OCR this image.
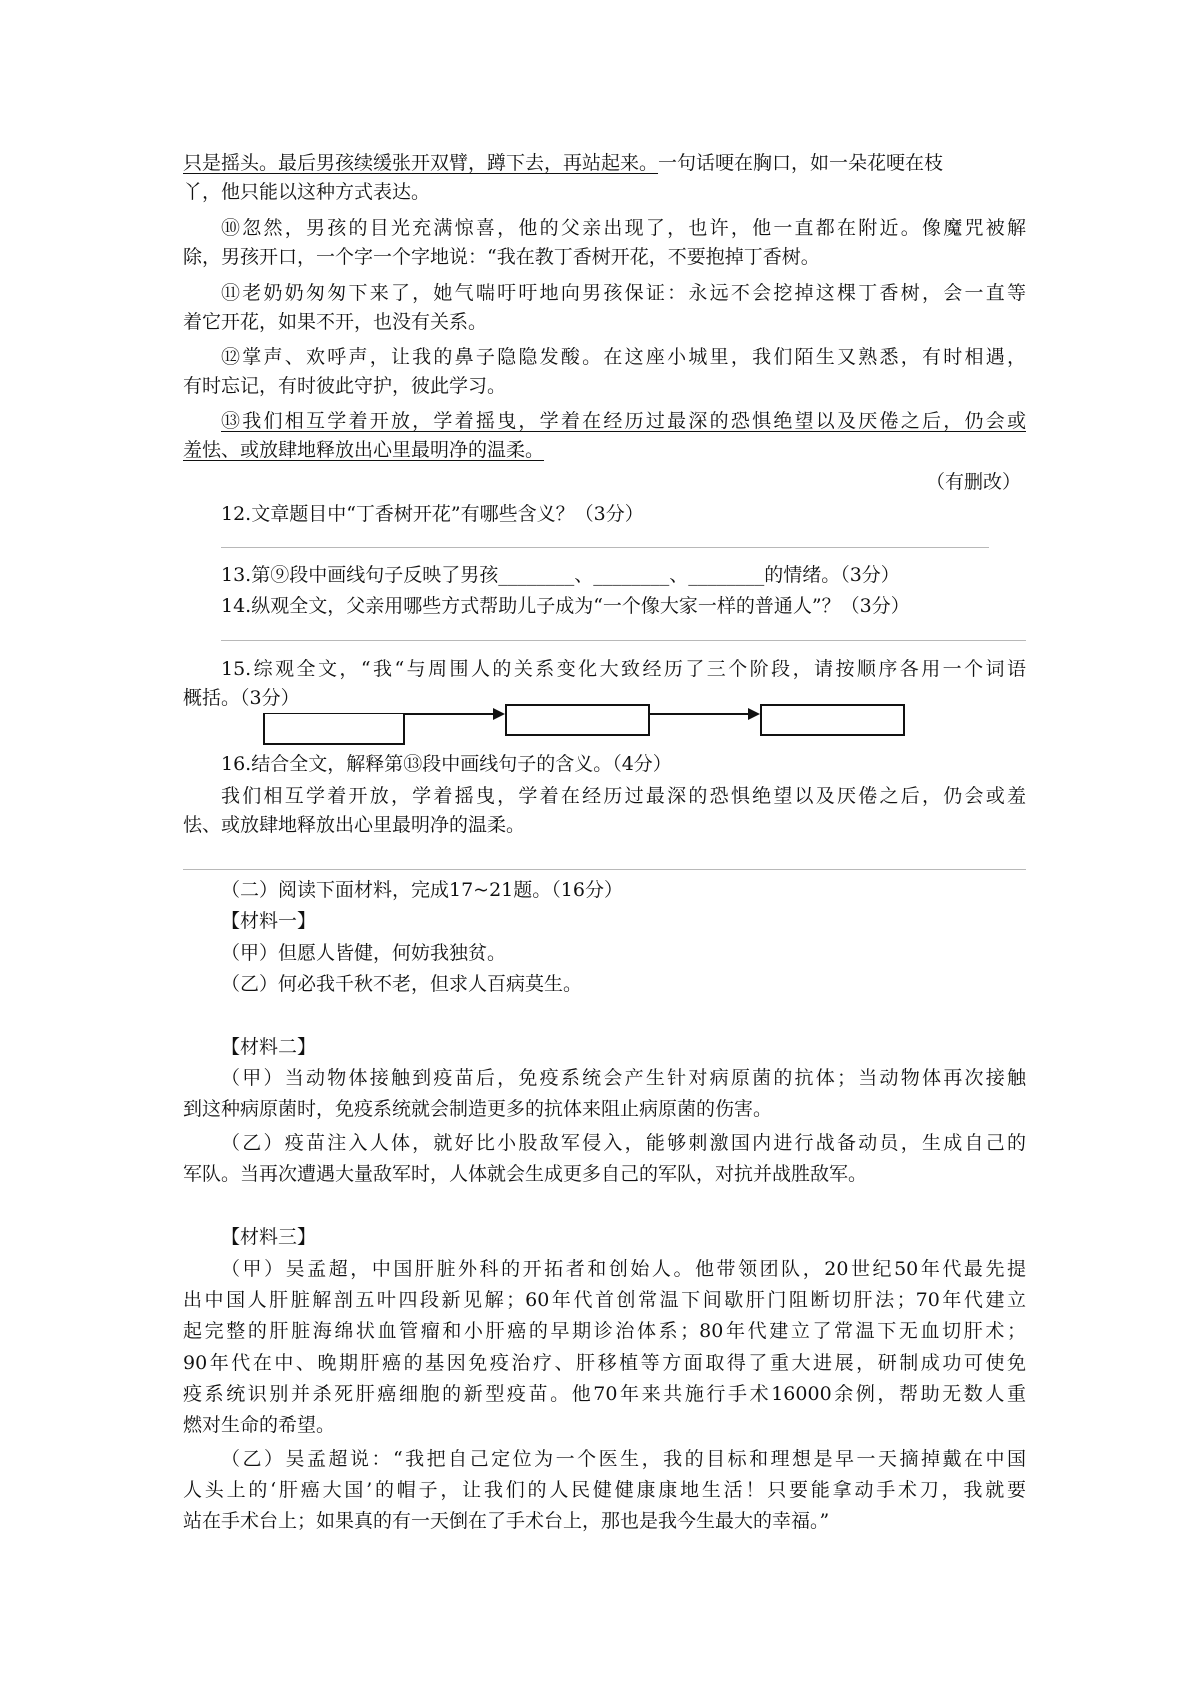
只是摇头。最后男孩续缓张开双臂，蹲下去，再站起来。一句话哽在胸口，如一朵花哽在枝
丫，他只能以这种方式表达。
⑩忽然，男孩的目光充满惊喜，他的父亲出现了，也许，他一直都在附近。像魔咒被解
除，男孩开口，一个字一个字地说：“我在教丁香树开花，不要抱掉丁香树。
⑪老奶奶匆匆下来了，她气喘吁吁地向男孩保证：永远不会挖掉这棵丁香树，会一直等
着它开花，如果不开，也没有关系。
⑫掌声、欢呼声，让我的鼻子隐隐发酸。在这座小城里，我们陌生又熟悉，有时相遇，
有时忘记，有时彼此守护，彼此学习。
⑬我们相互学着开放，学着摇曳，学着在经历过最深的恐惧绝望以及厌倦之后，仍会或
羞怯、或放肆地释放出心里最明净的温柔。
（有删改）
12.文章题目中“丁香树开花”有哪些含义？（3分）
13.第⑨段中画线句子反映了男孩________、________、________的情绪。（3分）
14.纵观全文，父亲用哪些方式帮助儿子成为“一个像大家一样的普通人”？（3分）
15.综观全文，“我“与周围人的关系变化大致经历了三个阶段，请按顺序各用一个词语
概括。（3分）
16.结合全文，解释第⑬段中画线句子的含义。（4分）
我们相互学着开放，学着摇曳，学着在经历过最深的恐惧绝望以及厌倦之后，仍会或羞
怯、或放肆地释放出心里最明净的温柔。
（二）阅读下面材料，完成17~21题。（16分）
【材料一】
（甲）但愿人皆健，何妨我独贫。
（乙）何必我千秋不老，但求人百病莫生。
【材料二】
（甲）当动物体接触到疫苗后，免疫系统会产生针对病原菌的抗体；当动物体再次接触
到这种病原菌时，免疫系统就会制造更多的抗体来阻止病原菌的伤害。
（乙）疫苗注入人体，就好比小股敌军侵入，能够刺激国内进行战备动员，生成自己的
军队。当再次遭遇大量敌军时，人体就会生成更多自己的军队，对抗并战胜敌军。
【材料三】
（甲）吴孟超，中国肝脏外科的开拓者和创始人。他带领团队，20世纪50年代最先提
出中国人肝脏解剖五叶四段新见解；60年代首创常温下间歇肝门阻断切肝法；70年代建立
起完整的肝脏海绵状血管瘤和小肝癌的早期诊治体系；80年代建立了常温下无血切肝术；
90年代在中、晚期肝癌的基因免疫治疗、肝移植等方面取得了重大进展，研制成功可使免
疫系统识别并杀死肝癌细胞的新型疫苗。他70年来共施行手术16000余例，帮助无数人重
燃对生命的希望。
（乙）吴孟超说：“我把自己定位为一个医生，我的目标和理想是早一天摘掉戴在中国
人头上的‘肝癌大国’的帽子，让我们的人民健健康康地生活！只要能拿动手术刀，我就要
站在手术台上；如果真的有一天倒在了手术台上，那也是我今生最大的幸福。”
